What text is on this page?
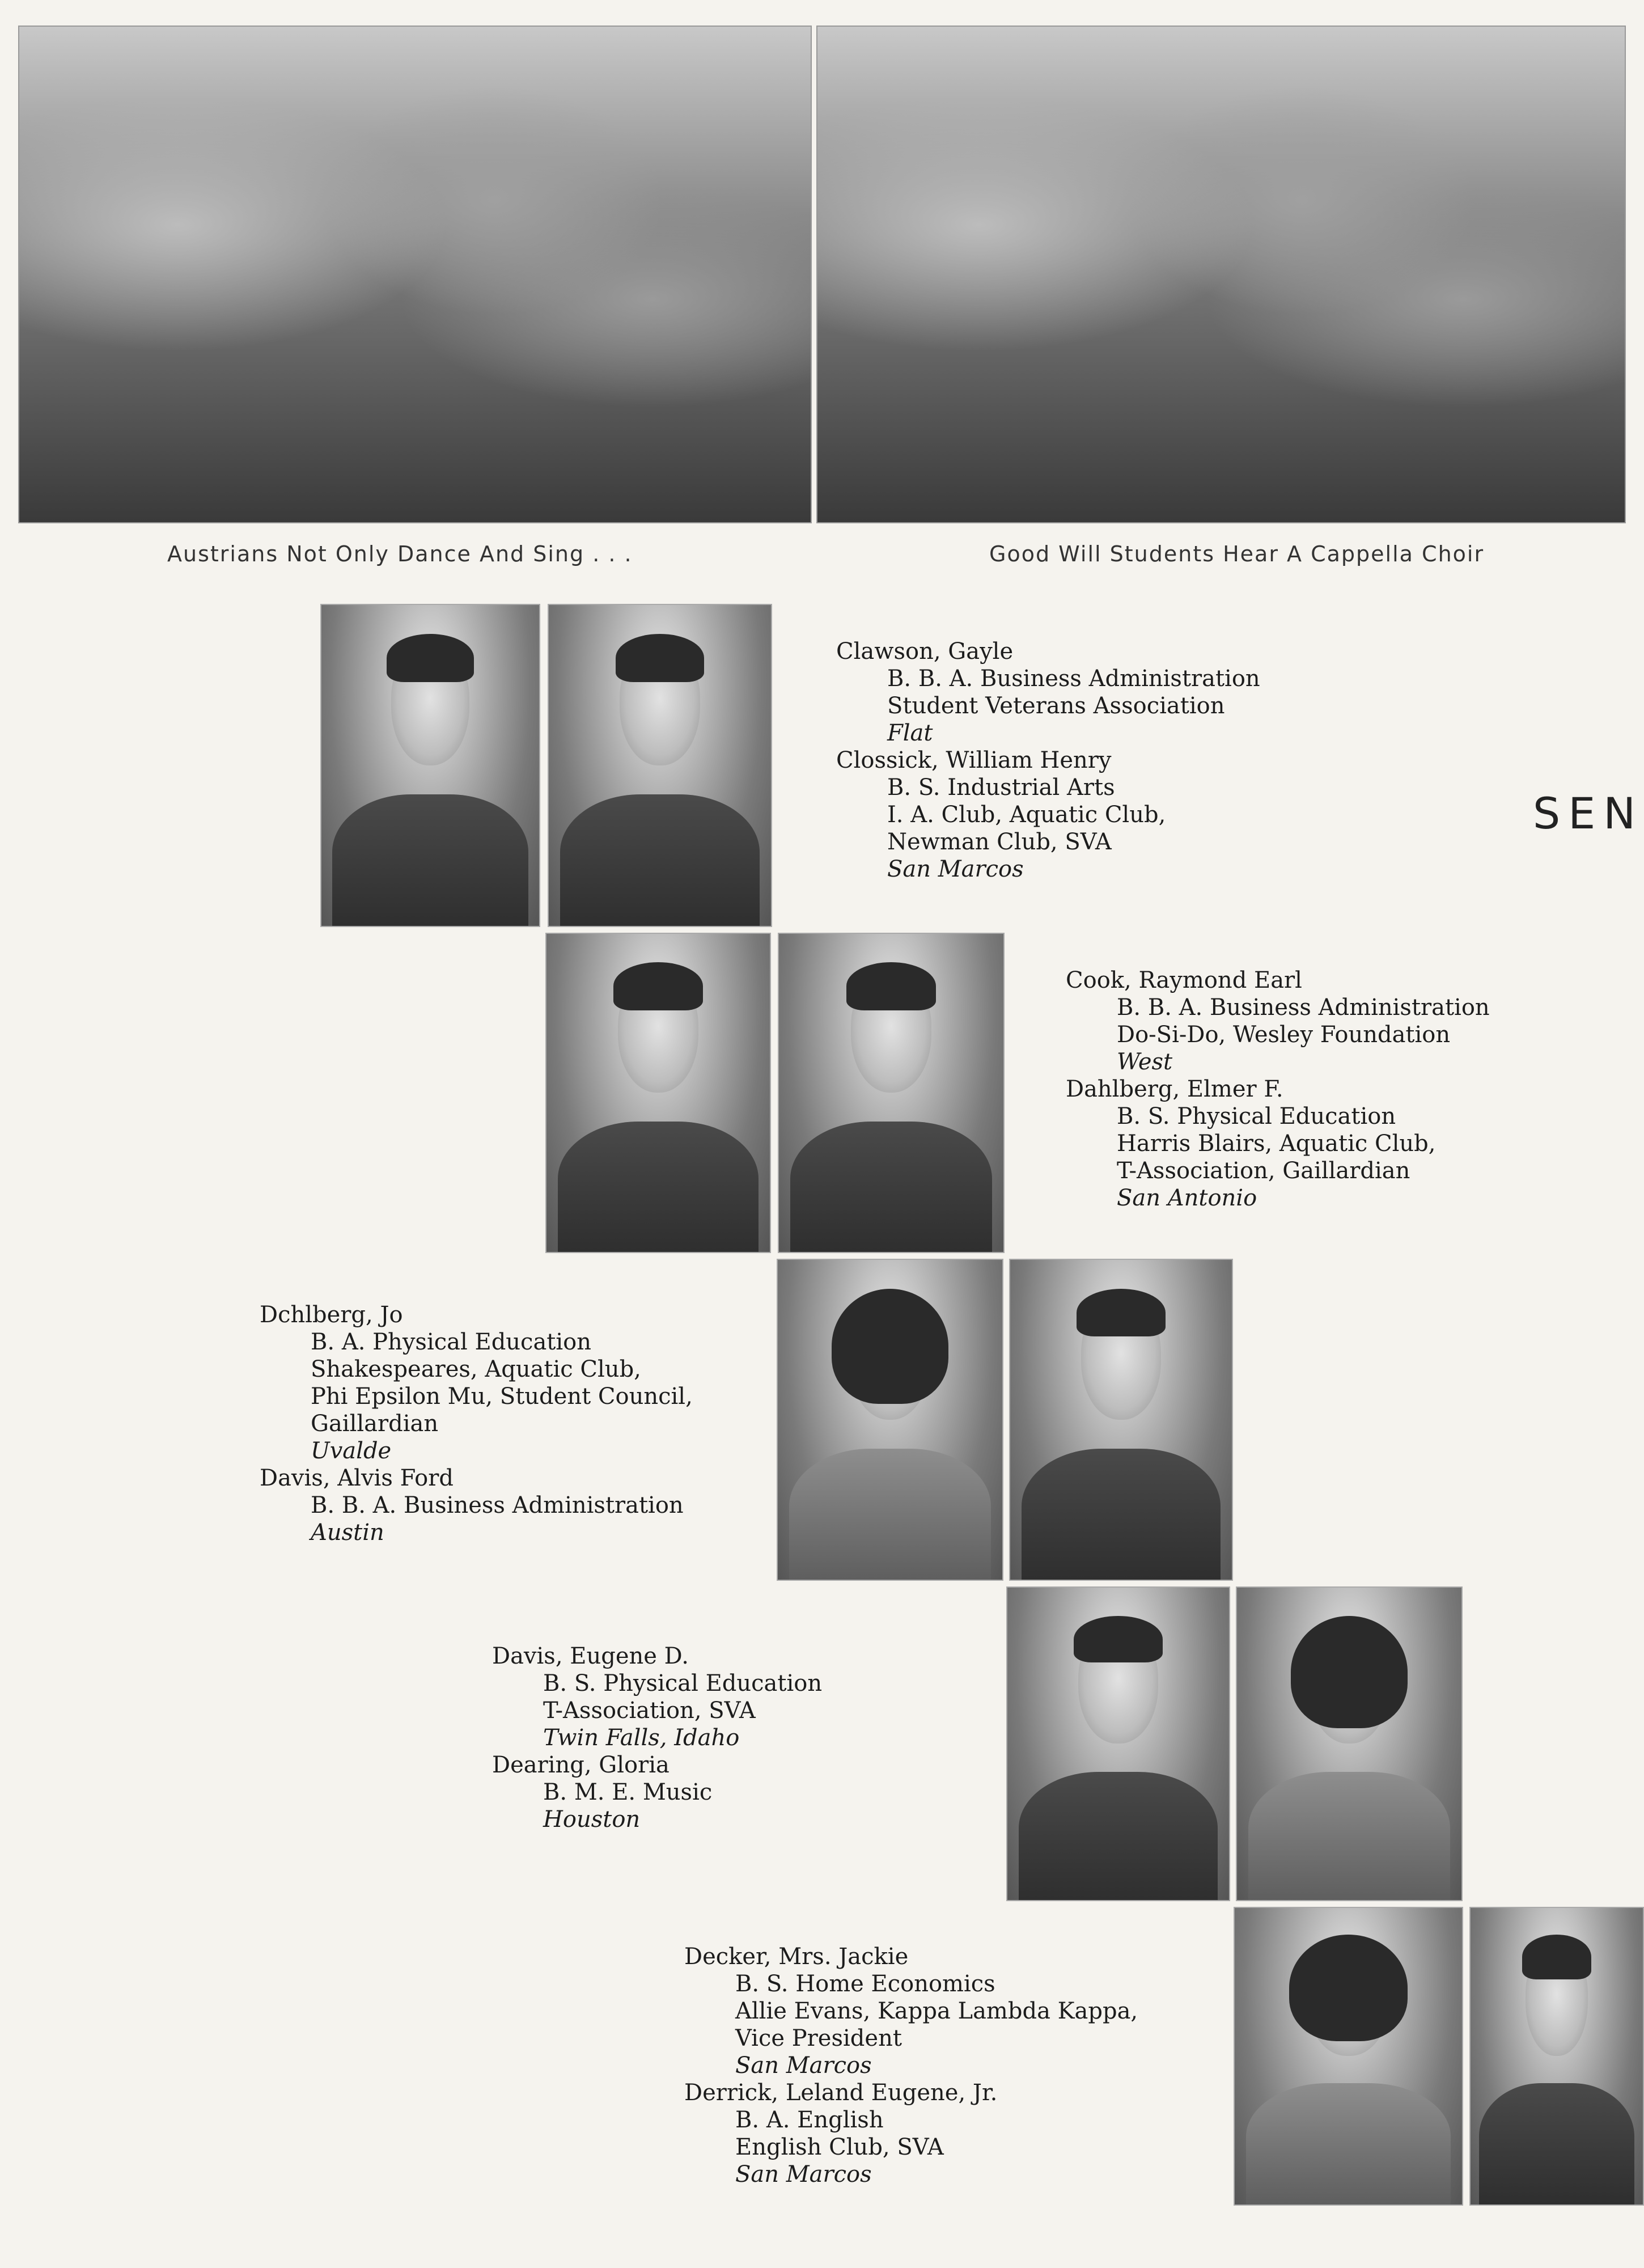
Austrians Not Only Dance And Sing . . .	Good Will Students Hear A Cappella Choir
SEN
Clawson, Gayle
B. B. A. Business Administration
Student Veterans Association
Flat
Clossick, William Henry
B. S. Industrial Arts
I. A. Club, Aquatic Club,
Newman Club, SVA
San Marcos
Cook, Raymond Earl
B. B. A. Business Administration
Do-Si-Do, Wesley Foundation
West
Dahlberg, Elmer F.
B. S. Physical Education
Harris Blairs, Aquatic Club,
T-Association, Gaillardian
San Antonio
Dchlberg, Jo
B. A. Physical Education
Shakespeares, Aquatic Club,
Phi Epsilon Mu, Student Council,
Gaillardian
Uvalde
Davis, Alvis Ford
B. B. A. Business Administration
Austin
Davis, Eugene D.
B. S. Physical Education
T-Association, SVA
Twin Falls, Idaho
Dearing, Gloria
B. M. E. Music
Houston
Decker, Mrs. Jackie
B. S. Home Economics
Allie Evans, Kappa Lambda Kappa,
Vice President
San Marcos
Derrick, Leland Eugene, Jr.
B. A. English
English Club, SVA
San Marcos
